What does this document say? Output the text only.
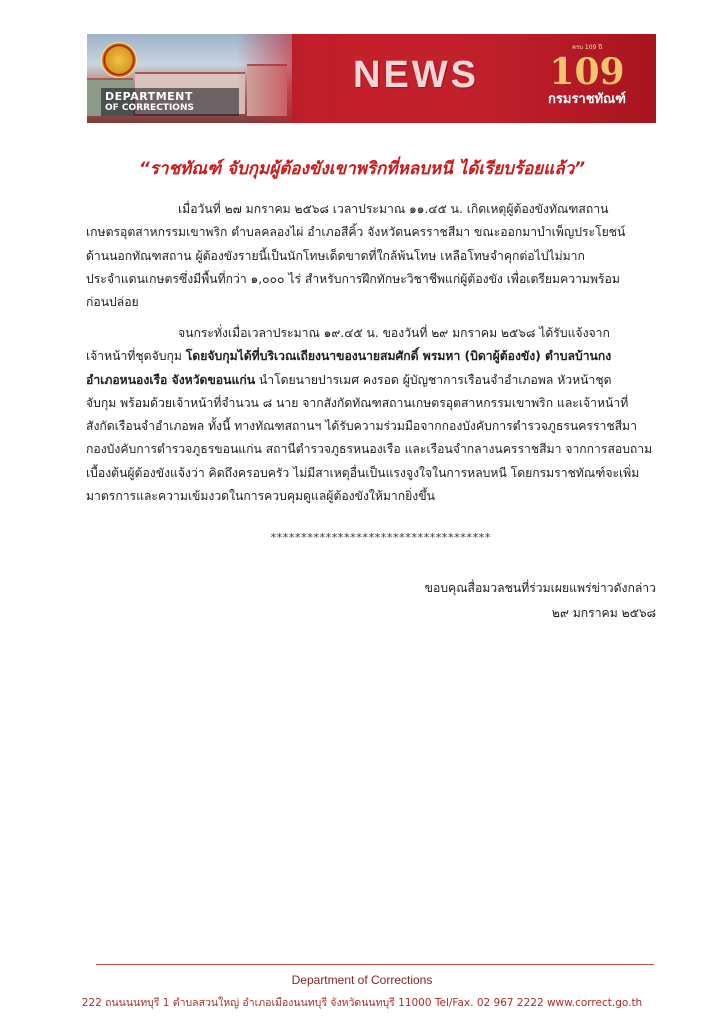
DEPARTMENT
OF CORRECTIONS
NEWS
ครบ 109 ปี
109
กรมราชทัณฑ์
“ราชทัณฑ์ จับกุมผู้ต้องขังเขาพริกที่หลบหนี ได้เรียบร้อยแล้ว”
เมื่อวันที่ ๒๗ มกราคม ๒๕๖๘ เวลาประมาณ ๑๑.๔๕ น. เกิดเหตุผู้ต้องขังทัณฑสถาน
เกษตรอุตสาหกรรมเขาพริก ตำบลคลองไผ่ อำเภอสีคิ้ว จังหวัดนครราชสีมา ขณะออกมาบำเพ็ญประโยชน์
ด้านนอกทัณฑสถาน ผู้ต้องขังรายนี้เป็นนักโทษเด็ดขาดที่ใกล้พ้นโทษ เหลือโทษจำคุกต่อไปไม่มาก
ประจำแดนเกษตรซึ่งมีพื้นที่กว่า ๑,๐๐๐ ไร่ สำหรับการฝึกทักษะวิชาชีพแก่ผู้ต้องขัง เพื่อเตรียมความพร้อม
ก่อนปล่อย
จนกระทั่งเมื่อเวลาประมาณ ๑๙.๔๕ น. ของวันที่ ๒๙ มกราคม ๒๕๖๘ ได้รับแจ้งจาก
เจ้าหน้าที่ชุดจับกุม โดยจับกุมได้ที่บริเวณเถียงนาของนายสมศักดิ์ พรมหา (บิดาผู้ต้องขัง) ตำบลบ้านกง
อำเภอหนองเรือ จังหวัดขอนแก่น นำโดยนายปารเมศ คงรอด ผู้บัญชาการเรือนจำอำเภอพล หัวหน้าชุด
จับกุม พร้อมด้วยเจ้าหน้าที่จำนวน ๘ นาย จากสังกัดทัณฑสถานเกษตรอุตสาหกรรมเขาพริก และเจ้าหน้าที่
สังกัดเรือนจำอำเภอพล ทั้งนี้ ทางทัณฑสถานฯ ได้รับความร่วมมือจากกองบังคับการตำรวจภูธรนครราชสีมา
กองบังคับการตำรวจภูธรขอนแก่น สถานีตำรวจภูธรหนองเรือ และเรือนจำกลางนครราชสีมา จากการสอบถาม
เบื้องต้นผู้ต้องขังแจ้งว่า คิดถึงครอบครัว ไม่มีสาเหตุอื่นเป็นแรงจูงใจในการหลบหนี โดยกรมราชทัณฑ์จะเพิ่ม
มาตรการและความเข้มงวดในการควบคุมดูแลผู้ต้องขังให้มากยิ่งขึ้น
************************************
ขอบคุณสื่อมวลชนที่ร่วมเผยแพร่ข่าวดังกล่าว
๒๙ มกราคม ๒๕๖๘
Department of Corrections
222 ถนนนนทบุรี 1 ตำบลสวนใหญ่ อำเภอเมืองนนทบุรี จังหวัดนนทบุรี 11000 Tel/Fax. 02 967 2222 www.correct.go.th
